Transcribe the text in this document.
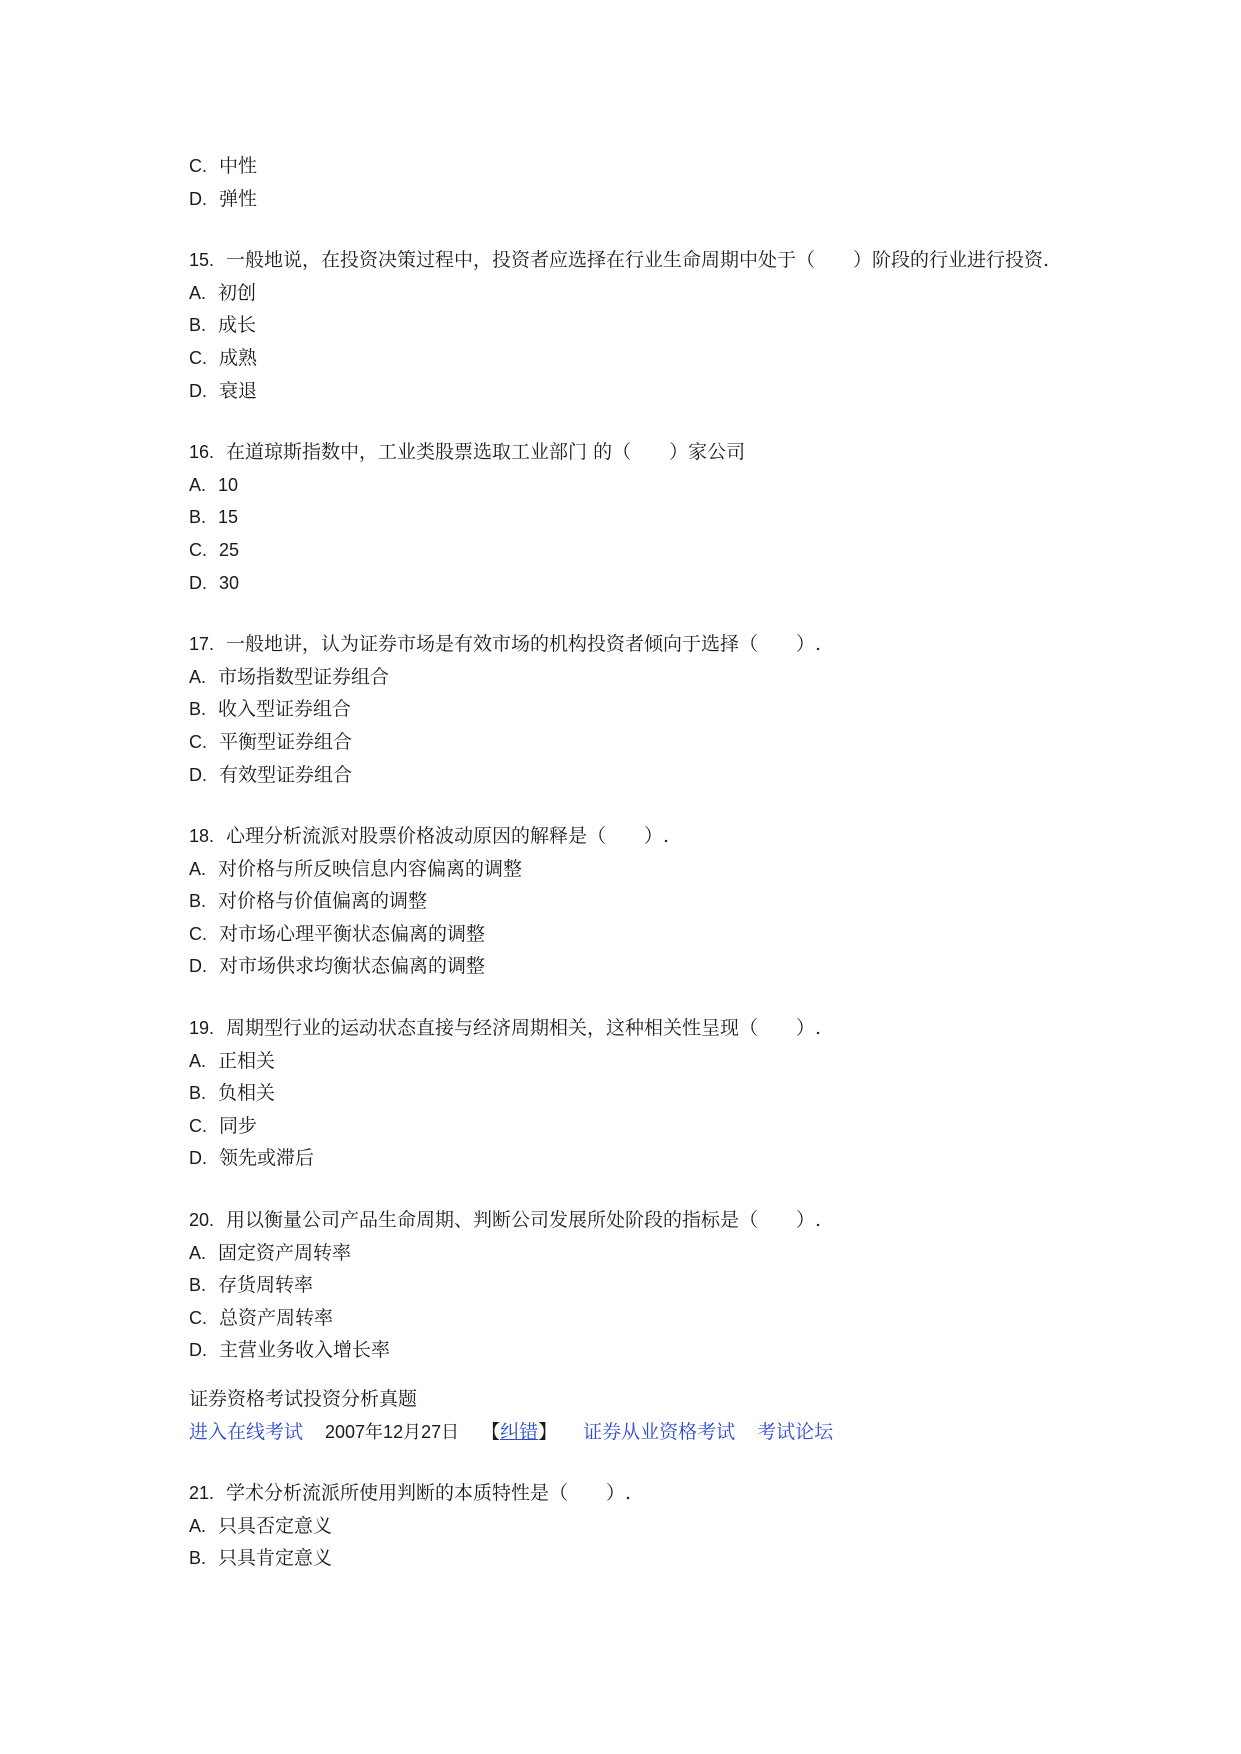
C. 中性
D. 弹性
15. 一般地说，在投资决策过程中，投资者应选择在行业生命周期中处于（　　）阶段的行业进行投资.
A. 初创
B. 成长
C. 成熟
D. 衰退
16. 在道琼斯指数中，工业类股票选取工业部门 的（　　）家公司
A. 10
B. 15
C. 25
D. 30
17. 一般地讲，认为证券市场是有效市场的机构投资者倾向于选择（　　）.
A. 市场指数型证券组合
B. 收入型证券组合
C. 平衡型证券组合
D. 有效型证券组合
18. 心理分析流派对股票价格波动原因的解释是（　　）.
A. 对价格与所反映信息内容偏离的调整
B. 对价格与价值偏离的调整
C. 对市场心理平衡状态偏离的调整
D. 对市场供求均衡状态偏离的调整
19. 周期型行业的运动状态直接与经济周期相关，这种相关性呈现（　　）.
A. 正相关
B. 负相关
C. 同步
D. 领先或滞后
20. 用以衡量公司产品生命周期、判断公司发展所处阶段的指标是（　　）.
A. 固定资产周转率
B. 存货周转率
C. 总资产周转率
D. 主营业务收入增长率
证券资格考试投资分析真题
进入在线考试 2007年12月27日 【纠错】 证券从业资格考试 考试论坛
21. 学术分析流派所使用判断的本质特性是（　　）.
A. 只具否定意义
B. 只具肯定意义
